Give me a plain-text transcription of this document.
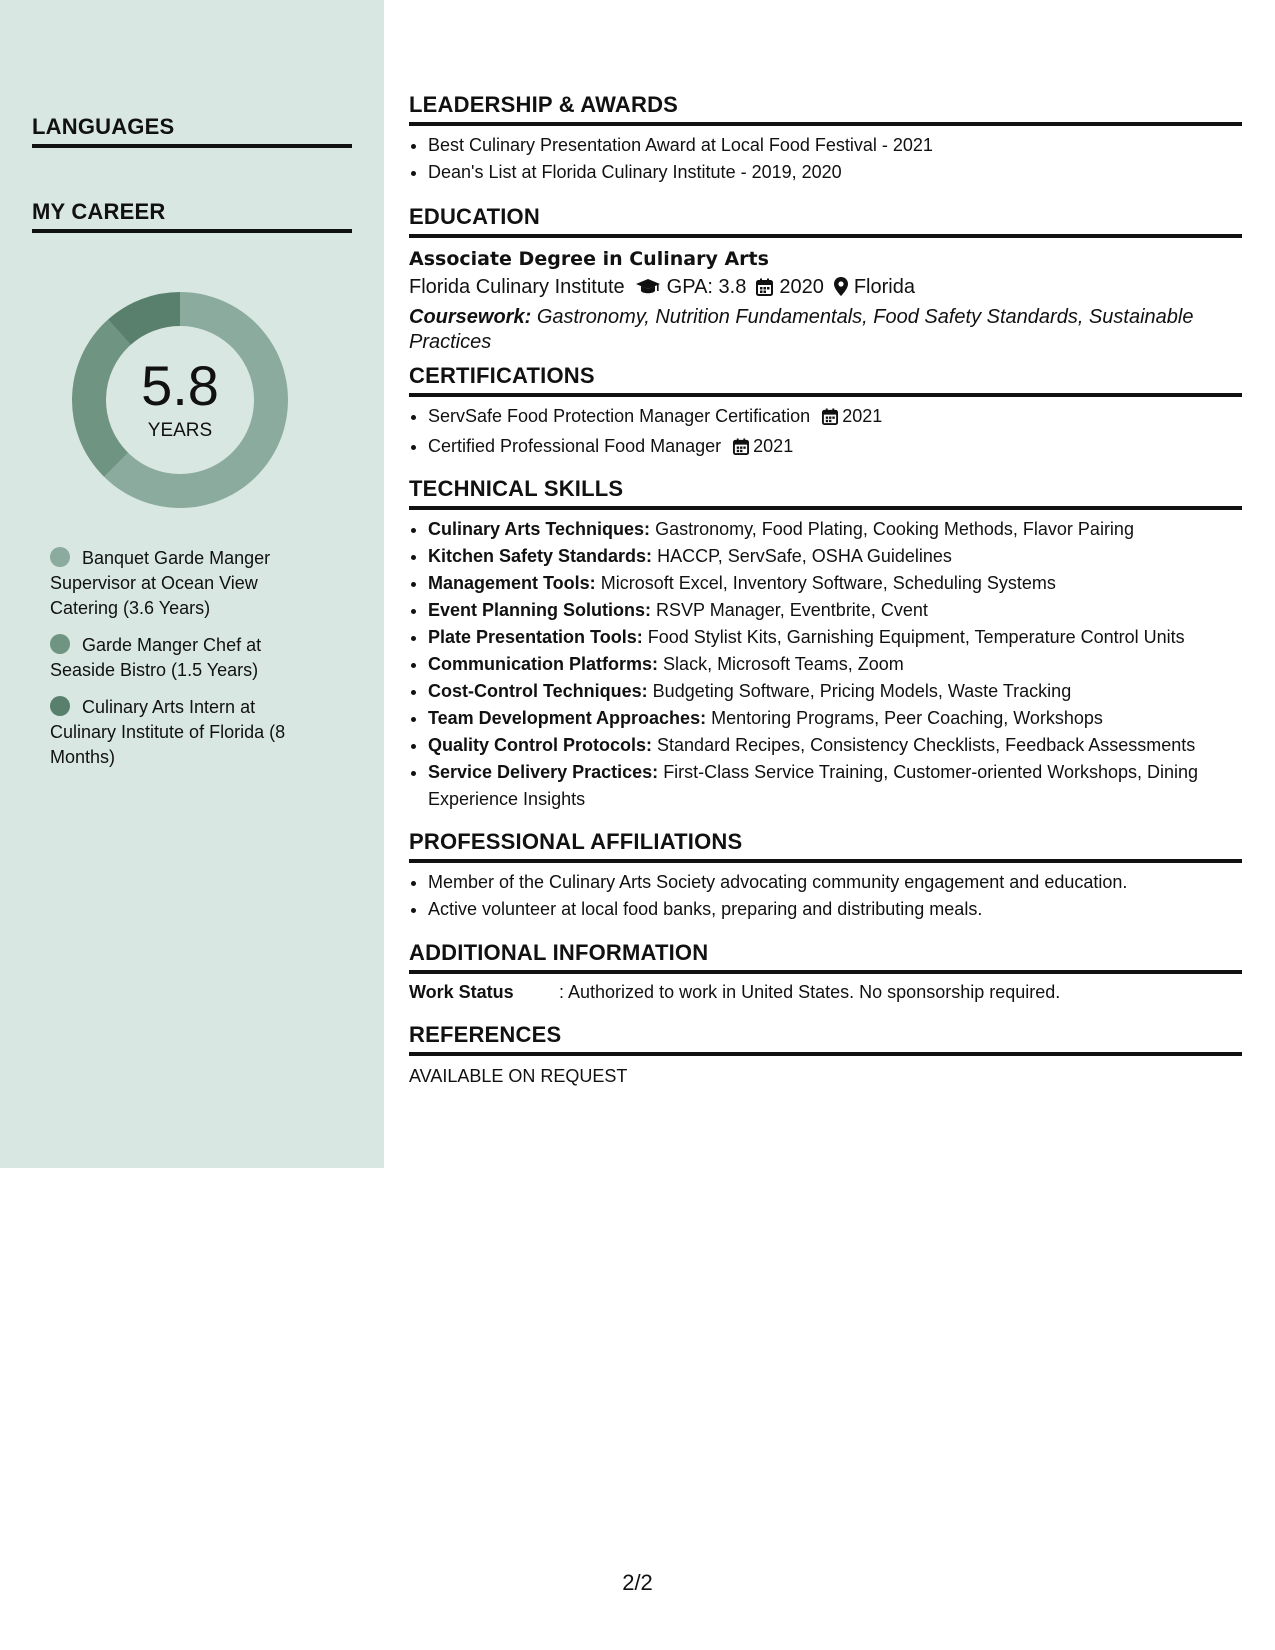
LANGUAGES
MY CAREER
5.8
YEARS
Banquet Garde Manger Supervisor at Ocean View Catering (3.6 Years)
Garde Manger Chef at Seaside Bistro (1.5 Years)
Culinary Arts Intern at Culinary Institute of Florida (8 Months)
LEADERSHIP & AWARDS
• Best Culinary Presentation Award at Local Food Festival - 2021
• Dean's List at Florida Culinary Institute - 2019, 2020
EDUCATION
Associate Degree in Culinary Arts
Florida Culinary Institute GPA: 3.8 2020 Florida
Coursework: Gastronomy, Nutrition Fundamentals, Food Safety Standards, Sustainable Practices
CERTIFICATIONS
• ServSafe Food Protection Manager Certification 2021
• Certified Professional Food Manager 2021
TECHNICAL SKILLS
• Culinary Arts Techniques: Gastronomy, Food Plating, Cooking Methods, Flavor Pairing
• Kitchen Safety Standards: HACCP, ServSafe, OSHA Guidelines
• Management Tools: Microsoft Excel, Inventory Software, Scheduling Systems
• Event Planning Solutions: RSVP Manager, Eventbrite, Cvent
• Plate Presentation Tools: Food Stylist Kits, Garnishing Equipment, Temperature Control Units
• Communication Platforms: Slack, Microsoft Teams, Zoom
• Cost-Control Techniques: Budgeting Software, Pricing Models, Waste Tracking
• Team Development Approaches: Mentoring Programs, Peer Coaching, Workshops
• Quality Control Protocols: Standard Recipes, Consistency Checklists, Feedback Assessments
• Service Delivery Practices: First-Class Service Training, Customer-oriented Workshops, Dining Experience Insights
PROFESSIONAL AFFILIATIONS
• Member of the Culinary Arts Society advocating community engagement and education.
• Active volunteer at local food banks, preparing and distributing meals.
ADDITIONAL INFORMATION
Work Status	: Authorized to work in United States. No sponsorship required.
REFERENCES
AVAILABLE ON REQUEST
2/2
